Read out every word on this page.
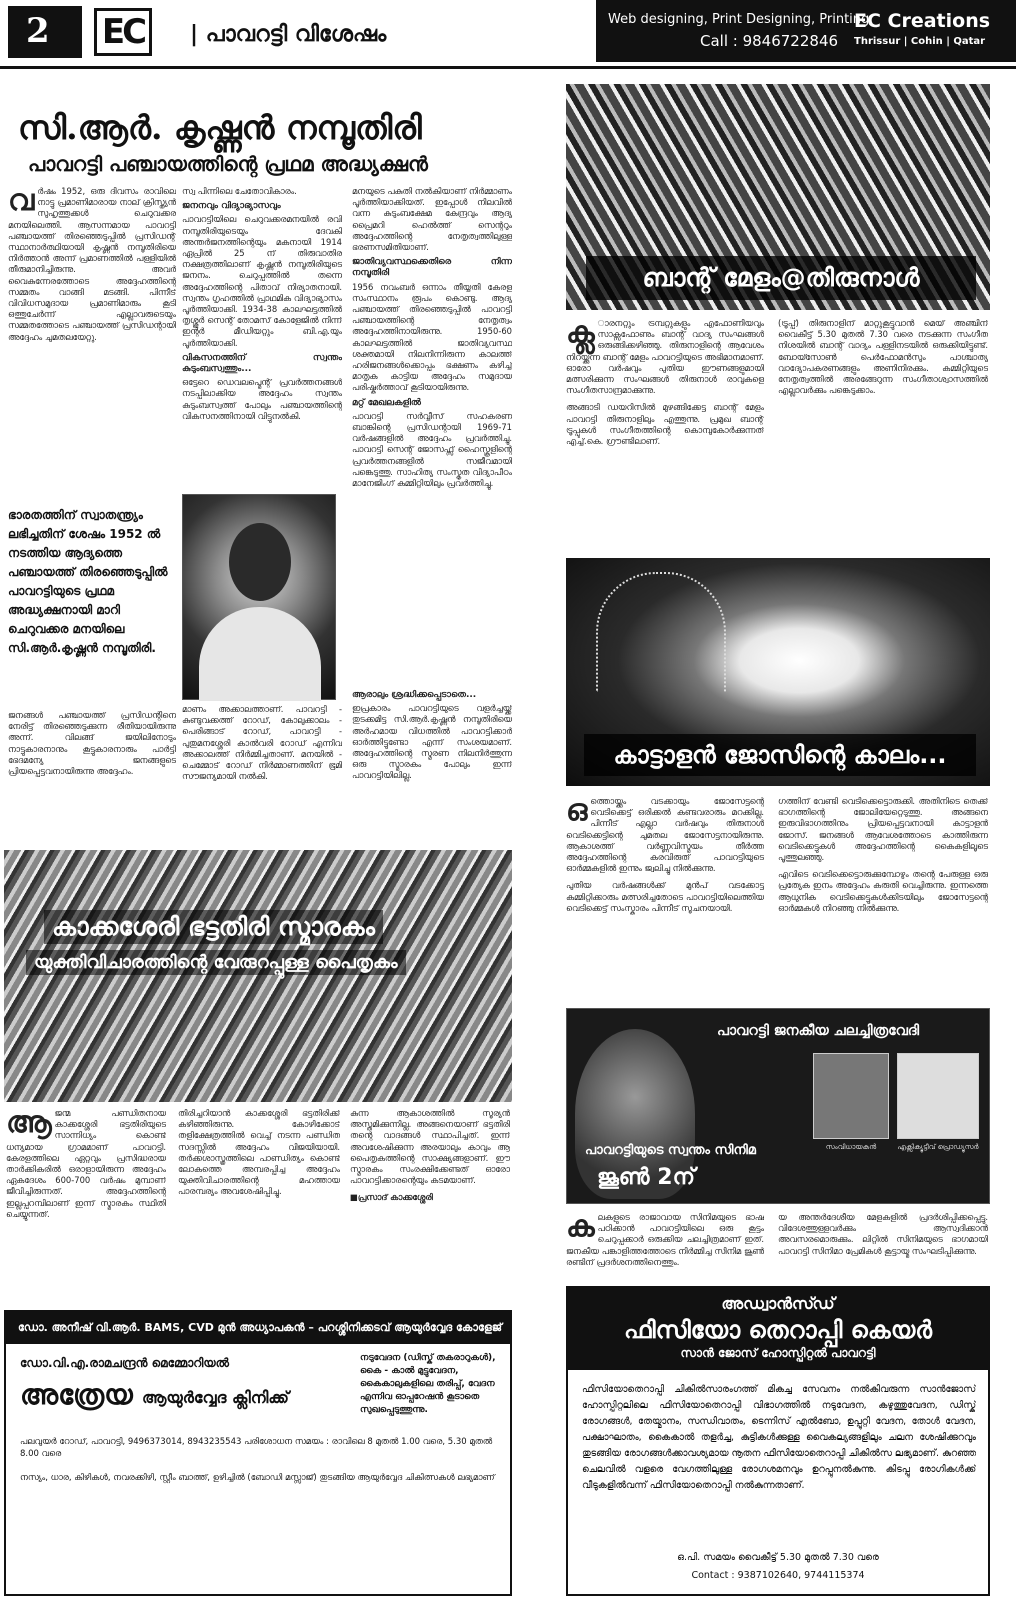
2	EC | പാവറട്ടി വിശേഷം
Web designing, Print Designing, Printing
Call : 9846722846
EC Creations
Thrissur | Cohin | Qatar
സി.ആർ. കൃഷ്ണൻ നമ്പൂതിരി
പാവറട്ടി പഞ്ചായത്തിന്റെ പ്രഥമ അദ്ധ്യക്ഷൻ
വ ർഷം 1952, ഒരു ദിവസം രാവിലെ നാട്ടു പ്രമാണിമാരായ നാല് ക്രിസ്ത്യൻ സുഹൃത്തുക്കൾ ചെറുവക്കര മനയിലെത്തി. ആസന്നമായ പാവറട്ടി പഞ്ചായത്ത് തിരഞ്ഞെടുപ്പിൽ പ്രസിഡന്റ് സ്ഥാനാർത്ഥിയായി കൃഷ്ണൻ നമ്പൂതിരിയെ നിർത്താൻ അന്ന് പ്രമാണത്തിൽ പള്ളിയിൽ തീരുമാനിച്ചിരുന്നു. അവർ വൈകുന്നേരത്തോടെ അദ്ദേഹത്തിന്റെ സമ്മതം വാങ്ങി മടങ്ങി. പിന്നീട് വിവിധസമുദായ പ്രമാണിമാരും കൂടി ഒത്തുചേർന്ന് എല്ലാവരുടെയും സമ്മതത്തോടെ പഞ്ചായത്ത് പ്രസിഡന്റായി അദ്ദേഹം ചുമതലയേറ്റു.
സ്വ പിന്നിലെ ചേതോവികാരം.
ജനനവും വിദ്യാഭ്യാസവും
പാവറട്ടിയിലെ ചെറുവക്കരമനയിൽ രവി നമ്പൂതിരിയുടെയും ദേവകി അന്തർജനത്തിന്റെയും മകനായി 1914 ഏപ്രിൽ 25 ന് തിരുവാതിര നക്ഷത്രത്തിലാണ് കൃഷ്ണൻ നമ്പൂതിരിയുടെ ജനനം. ചെറുപ്പത്തിൽ തന്നെ അദ്ദേഹത്തിന്റെ പിതാവ് നിര്യാതനായി. സ്വന്തം ഗൃഹത്തിൽ പ്രാഥമിക വിദ്യാഭ്യാസം പൂർത്തിയാക്കി. 1934-38 കാലഘട്ടത്തിൽ തൃശ്ശൂർ സെന്റ് തോമസ് കോളേജിൽ നിന്ന് ഇന്റർ മീഡിയറ്റും ബി.എ.യും പൂർത്തിയാക്കി.
വികസനത്തിന് സ്വന്തം കുടുംബസ്വത്തും...
ഒട്ടേറെ ഡെവലപ്മെന്റ് പ്രവർത്തനങ്ങൾ നടപ്പിലാക്കിയ അദ്ദേഹം സ്വന്തം കുടുംബസ്വത്ത് പോലും പഞ്ചായത്തിന്റെ വികസനത്തിനായി വിട്ടുനൽകി.
മനയുടെ പകുതി നൽകിയാണ് നിർമ്മാണം പൂർത്തിയാക്കിയത്. ഇപ്പോൾ നിലവിൽ വന്ന കുടുംബക്ഷേമ കേന്ദ്രവും ആദ്യ പ്രൈമറി ഹെൽത്ത് സെന്ററും അദ്ദേഹത്തിന്റെ നേതൃത്വത്തിലുള്ള ഭരണസമിതിയാണ്.
ജാതിവ്യവസ്ഥക്കെതിരെ നിന്ന നമ്പൂതിരി
1956 നവംബർ ഒന്നാം തീയ്യതി കേരള സംസ്ഥാനം രൂപം കൊണ്ടു. ആദ്യ പഞ്ചായത്ത് തിരഞ്ഞെടുപ്പിൽ പാവറട്ടി പഞ്ചായത്തിന്റെ നേതൃത്വം അദ്ദേഹത്തിനായിരുന്നു. 1950-60 കാലഘട്ടത്തിൽ ജാതിവ്യവസ്ഥ ശക്തമായി നിലനിന്നിരുന്ന കാലത്ത് ഹരിജനങ്ങൾക്കൊപ്പം ഭക്ഷണം കഴിച്ച് മാതൃക കാട്ടിയ അദ്ദേഹം സമുദായ പരിഷ്കർത്താവ് കൂടിയായിരുന്നു.
മറ്റ് മേഖലകളിൽ
പാവറട്ടി സർവ്വീസ് സഹകരണ ബാങ്കിന്റെ പ്രസിഡന്റായി 1969-71 വർഷങ്ങളിൽ അദ്ദേഹം പ്രവർത്തിച്ചു. പാവറട്ടി സെന്റ് ജോസഫ്സ് ഹൈസ്കൂളിന്റെ പ്രവർത്തനങ്ങളിൽ സജീവമായി പങ്കെടുത്തു. സാഹിത്യ സംസ്കൃത വിദ്യാപീഠം മാനേജിംഗ് കമ്മിറ്റിയിലും പ്രവർത്തിച്ചു.
ഭാരതത്തിന് സ്വാതന്ത്ര്യം ലഭിച്ചതിന് ശേഷം 1952 ൽ നടത്തിയ ആദ്യത്തെ പഞ്ചായത്ത് തിരഞ്ഞെടുപ്പിൽ പാവറട്ടിയുടെ പ്രഥമ അദ്ധ്യക്ഷനായി മാറി ചെറുവക്കര മനയിലെ സി.ആർ.കൃഷ്ണൻ നമ്പൂതിരി.
ജനങ്ങൾ പഞ്ചായത്ത് പ്രസിഡന്റിനെ നേരിട്ട് തിരഞ്ഞെടുക്കുന്ന രീതിയായിരുന്നു അന്ന്. വിലങ്ങ് ജയിലിനോടും നാട്ടുകാരനാനും കൂട്ടുകാരനാരും പാർട്ടി ഭേദമന്യേ ജനങ്ങളുടെ പ്രിയപ്പെട്ടവനായിരുന്നു അദ്ദേഹം.
മാണം അക്കാലത്താണ്. പാവറട്ടി - കുണ്ടുവക്കത്ത് റോഡ്, കോലുക്കാലം - പെരിങ്ങാട് റോഡ്, പാവറട്ടി - പുതുമനശ്ശേരി കാൽവരി റോഡ് എന്നിവ അക്കാലത്ത് നിർമ്മിച്ചതാണ്. മനയിൽ - ചെമ്മോട് റോഡ് നിർമ്മാണത്തിന് ഭൂമി സൗജന്യമായി നൽകി.
ആരാലും ശ്രദ്ധിക്കപ്പെടാതെ...
ഇപ്രകാരം പാവറട്ടിയുടെ വളർച്ചയ്ക്ക് തുടക്കമിട്ട സി.ആർ.കൃഷ്ണൻ നമ്പൂതിരിയെ അർഹമായ വിധത്തിൽ പാവറട്ടിക്കാർ ഓർത്തിട്ടുണ്ടോ എന്ന് സംശയമാണ്. അദ്ദേഹത്തിന്റെ സ്മരണ നിലനിർത്തുന്ന ഒരു സ്മാരകം പോലും ഇന്ന് പാവറട്ടിയിലില്ല.
കാക്കശേരി ഭട്ടതിരി സ്മാരകം യുക്തിവിചാരത്തിന്റെ വേരുറപ്പുള്ള പൈതൃകം
ആ ജന്മ പണ്ഡിതനായ കാക്കശ്ശേരി ഭട്ടതിരിയുടെ സാന്നിധ്യം കൊണ്ട് ധന്യമായ ഗ്രാമമാണ് പാവറട്ടി. കേരളത്തിലെ ഏറ്റവും പ്രസിദ്ധരായ താർക്കികരിൽ ഒരാളായിരുന്ന അദ്ദേഹം ഏകദേശം 600-700 വർഷം മുമ്പാണ് ജീവിച്ചിരുന്നത്. അദ്ദേഹത്തിന്റെ ഇല്ലപ്പറമ്പിലാണ് ഇന്ന് സ്മാരകം സ്ഥിതി ചെയ്യുന്നത്.
തിരിച്ചറിയാൻ കാക്കശ്ശേരി ഭട്ടതിരിക്ക് കഴിഞ്ഞിരുന്നു. കോഴിക്കോട് തളിക്ഷേത്രത്തിൽ വെച്ച് നടന്ന പണ്ഡിത സദസ്സിൽ അദ്ദേഹം വിജയിയായി. തർക്കശാസ്ത്രത്തിലെ പാണ്ഡിത്യം കൊണ്ട് ലോകത്തെ അമ്പരപ്പിച്ച അദ്ദേഹം യുക്തിവിചാരത്തിന്റെ മഹത്തായ പാരമ്പര്യം അവശേഷിപ്പിച്ചു.
കുന്ന ആകാശത്തിൽ സൂര്യൻ അസ്തമിക്കുന്നില്ല. അങ്ങനെയാണ് ഭട്ടതിരി തന്റെ വാദങ്ങൾ സ്ഥാപിച്ചത്. ഇന്ന് അവശേഷിക്കുന്ന അരയാലും കാവും ആ പൈതൃകത്തിന്റെ സാക്ഷ്യങ്ങളാണ്. ഈ സ്മാരകം സംരക്ഷിക്കേണ്ടത് ഓരോ പാവറട്ടിക്കാരന്റെയും കടമയാണ്.
■പ്രസാദ് കാക്കശ്ശേരി
ഡോ. അനീഷ് വി.ആർ. BAMS, CVD മുൻ അധ്യാപകൻ – പറശ്ശിനിക്കടവ് ആയുർവ്വേദ കോളേജ്
ഡോ.വി.എ.രാമചന്ദ്രൻ മെമ്മോറിയൽ
അത്രേയ ആയുർവ്വേദ ക്ലിനിക്ക്
നടുവേദന (ഡിസ്ക് തകരാറുകൾ), കൈ - കാൽ മുട്ടുവേദന, കൈകാലുകളിലെ തരിപ്പ്, വേദന എന്നിവ ഓപ്പറേഷൻ കൂടാതെ സുഖപ്പെടുത്തുന്നു.
പലവുയർ റോഡ്, പാവറട്ടി, 9496373014, 8943235543 പരിശോധന സമയം : രാവിലെ 8 മുതൽ 1.00 വരെ, 5.30 മുതൽ 8.00 വരെ
നസ്യം, ധാര, കിഴികൾ, നവരക്കിഴി, സ്റ്റീം ബാത്ത്, ഉഴിച്ചിൽ (ബോഡി മസ്സാജ്) തുടങ്ങിയ ആയുർവ്വേദ ചികിത്സകൾ ലഭ്യമാണ്
ബാന്റ് മേളം@തിരുനാൾ
ക്ല ാരനറ്റും ട്രമ്പറ്റുകളും എഫോണിയവും സാക്സഫോണും ബാന്റ് വാദ്യ സംഘങ്ങൾ ഒരുങ്ങിക്കഴിഞ്ഞു. തിരുനാളിന്റെ ആവേശം നിറയ്ക്കുന്ന ബാന്റ് മേളം പാവറട്ടിയുടെ അഭിമാനമാണ്. ഓരോ വർഷവും പുതിയ ഈണങ്ങളുമായി മത്സരിക്കുന്ന സംഘങ്ങൾ തിരുനാൾ രാവുകളെ സംഗീതസാന്ദ്രമാക്കുന്നു.
അങ്ങാടി ഡയറിസിൽ മുഴങ്ങിക്കേട്ട ബാന്റ് മേളം പാവറട്ടി തിരുനാളിലും എത്തുന്നു. പ്രമുഖ ബാന്റ് ട്രൂപ്പുകൾ സംഗീതത്തിന്റെ കൊമ്പുകോർക്കുന്നത് എച്ച്.കെ. ഗ്രൗണ്ടിലാണ്.
(ട്രൂപ്പ്) തിരുനാളിന് മാറ്റുകൂട്ടുവാൻ മെയ് അഞ്ചിന് വൈകീട്ട് 5.30 മുതൽ 7.30 വരെ നടക്കുന്ന സംഗീത നിശയിൽ ബാന്റ് വാദ്യം പള്ളിനടയിൽ ഒരുക്കിയിട്ടുണ്ട്. ബോയ്സോൺ പെർഫോമൻസും പാശ്ചാത്യ വാദ്യോപകരണങ്ങളും അണിനിരക്കും. കമ്മിറ്റിയുടെ നേതൃത്വത്തിൽ അരങ്ങേറുന്ന സംഗീതാശ്വാസത്തിൽ എല്ലാവർക്കും പങ്കെടുക്കാം.
കാട്ടാളൻ ജോസിന്റെ കാലം...
ഒ ത്തൊയ്ക്കും വടക്കായും ജോസേട്ടന്റെ വെടിക്കെട്ട് ഒരിക്കൽ കണ്ടവരാരും മറക്കില്ല. പിന്നീട് എല്ലാ വർഷവും തിരുനാൾ വെടിക്കെട്ടിന്റെ ചുമതല ജോസേട്ടനായിരുന്നു. ആകാശത്ത് വർണ്ണവിസ്മയം തീർത്ത അദ്ദേഹത്തിന്റെ കരവിരുത് പാവറട്ടിയുടെ ഓർമ്മകളിൽ ഇന്നും ജ്വലിച്ചു നിൽക്കുന്നു.
പുതിയ വർഷങ്ങൾക്ക് മുൻപ് വടക്കോട്ട കമ്മിറ്റിക്കാരും മത്സരിച്ചതോടെ പാവറട്ടിയിലെത്തിയ വെടിക്കെട്ട് സംസ്കാരം പിന്നീട് സൂചനയായി.
ഗത്തിന് വേണ്ടി വെടിക്കെട്ടൊരുക്കി. അതിനിടെ തെക്ക് ഭാഗത്തിന്റെ ജോലിയേറ്റെടുത്തു. അങ്ങനെ ഇരുവിഭാഗത്തിനും പ്രിയപ്പെട്ടവനായി കാട്ടാളൻ ജോസ്. ജനങ്ങൾ ആവേശത്തോടെ കാത്തിരുന്ന വെടിക്കെട്ടുകൾ അദ്ദേഹത്തിന്റെ കൈകളിലൂടെ പൂത്തുലഞ്ഞു.
എവിടെ വെടിക്കെട്ടൊരുക്കുമ്പോഴും തന്റെ പേരുള്ള ഒരു പ്രത്യേക ഇനം അദ്ദേഹം കരുതി വെച്ചിരുന്നു. ഇന്നത്തെ ആധുനിക വെടിക്കെട്ടുകൾക്കിടയിലും ജോസേട്ടന്റെ ഓർമ്മകൾ നിറഞ്ഞു നിൽക്കുന്നു.
പാവറട്ടി ജനകീയ ചലച്ചിത്രവേദി
സംവിധായകൻ	എക്സിക്യൂട്ടീവ് പ്രൊഡ്യൂസർ
പാവറട്ടിയുടെ സ്വന്തം സിനിമ
ജൂൺ 2ന്
ക ലകളുടെ രാജാവായ സിനിമയുടെ ഭാഷ പഠിക്കാൻ പാവറട്ടിയിലെ ഒരു കൂട്ടം ചെറുപ്പക്കാർ ഒരുക്കിയ ചലച്ചിത്രമാണ് ഇത്. ജനകീയ പങ്കാളിത്തത്തോടെ നിർമ്മിച്ച സിനിമ ജൂൺ രണ്ടിന് പ്രദർശനത്തിനെത്തും.
യ അന്തർദേശീയ മേളകളിൽ പ്രദർശിപ്പിക്കപ്പെട്ടു. വിദേശത്തുള്ളവർക്കും ആസ്വദിക്കാൻ അവസരമൊരുക്കും. ലിറ്റിൽ സിനിമയുടെ ഭാഗമായി പാവറട്ടി സിനിമാ പ്രേമികൾ കൂട്ടായ്മ സംഘടിപ്പിക്കുന്നു.
അഡ്വാൻസ്ഡ്
ഫിസിയോ തെറാപ്പി കെയർ
സാൻ ജോസ് ഹോസ്പിറ്റൽ പാവറട്ടി
ഫിസിയോതെറാപ്പി ചികിൽസാരംഗത്ത് മികച്ച സേവനം നൽകിവരുന്ന സാൻജോസ് ഹോസ്പിറ്റലിലെ ഫിസിയോതെറാപ്പി വിഭാഗത്തിൽ നടുവേദന, കഴുത്തുവേദന, ഡിസ്ക് രോഗങ്ങൾ, തേയ്മാനം, സന്ധിവാതം, ടെന്നിസ് എൽബോ, ഉപ്പൂറ്റി വേദന, തോൾ വേദന, പക്ഷാഘാതം, കൈകാൽ തളർച്ച, കുട്ടികൾക്കുള്ള വൈകല്യങ്ങളിലും ചലന ശേഷിക്കുറവും തുടങ്ങിയ രോഗങ്ങൾക്കാവശ്യമായ നൂതന ഫിസിയോതെറാപ്പി ചികിൽസ ലഭ്യമാണ്. കുറഞ്ഞ ചെലവിൽ വളരെ വേഗത്തിലുള്ള രോഗശമനവും ഉറപ്പുനൽകുന്നു. കിടപ്പു രോഗികൾക്ക് വീടുകളിൽവന്ന് ഫിസിയോതെറാപ്പി നൽകുന്നതാണ്.
ഒ.പി. സമയം വൈകീട്ട് 5.30 മുതൽ 7.30 വരെ
Contact : 9387102640, 9744115374
